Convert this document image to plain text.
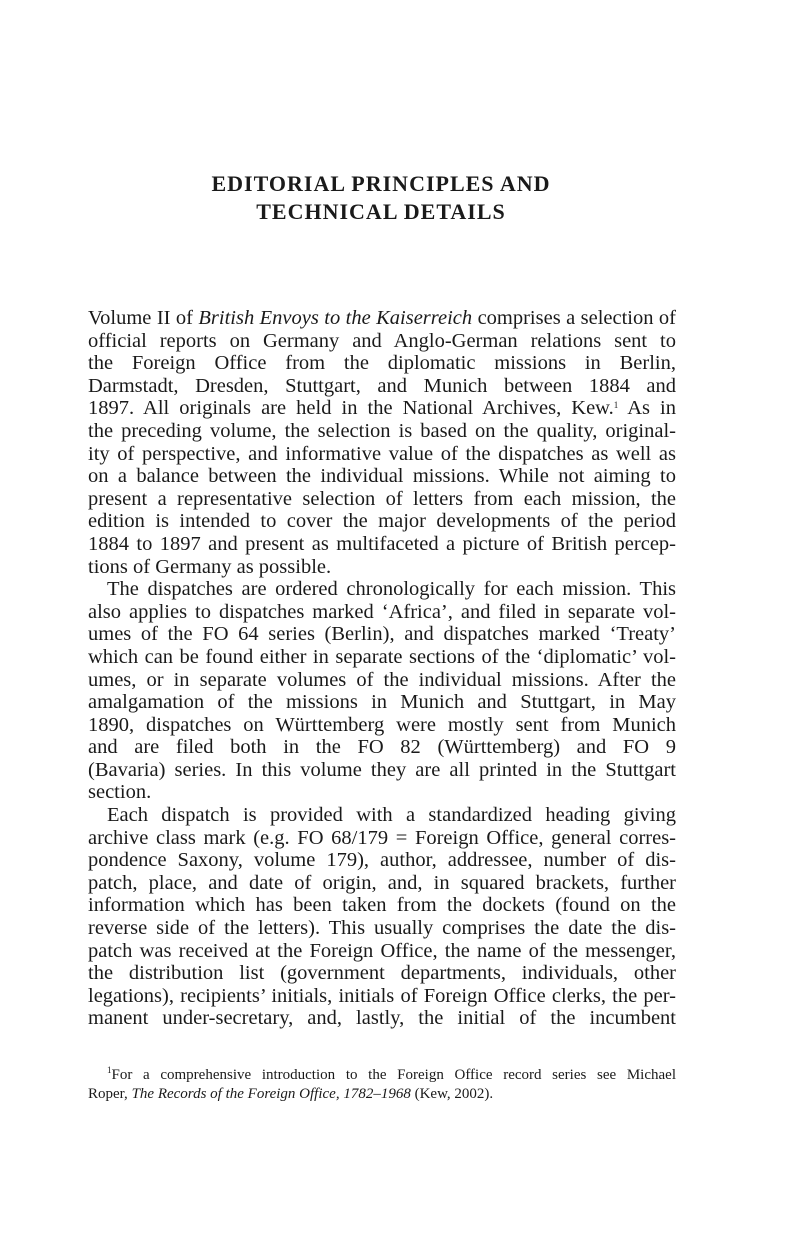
EDITORIAL PRINCIPLES AND
TECHNICAL DETAILS
Volume II of British Envoys to the Kaiserreich comprises a selection of
official reports on Germany and Anglo-German relations sent to
the Foreign Office from the diplomatic missions in Berlin,
Darmstadt, Dresden, Stuttgart, and Munich between 1884 and
1897. All originals are held in the National Archives, Kew.$^1$ As in
the preceding volume, the selection is based on the quality, original-
ity of perspective, and informative value of the dispatches as well as
on a balance between the individual missions. While not aiming to
present a representative selection of letters from each mission, the
edition is intended to cover the major developments of the period
1884 to 1897 and present as multifaceted a picture of British percep-
tions of Germany as possible.
The dispatches are ordered chronologically for each mission. This
also applies to dispatches marked ‘Africa’, and filed in separate vol-
umes of the FO 64 series (Berlin), and dispatches marked ‘Treaty’
which can be found either in separate sections of the ‘diplomatic’ vol-
umes, or in separate volumes of the individual missions. After the
amalgamation of the missions in Munich and Stuttgart, in May
1890, dispatches on Württemberg were mostly sent from Munich
and are filed both in the FO 82 (Württemberg) and FO 9
(Bavaria) series. In this volume they are all printed in the Stuttgart
section.
Each dispatch is provided with a standardized heading giving
archive class mark (e.g. FO 68/179 = Foreign Office, general corres-
pondence Saxony, volume 179), author, addressee, number of dis-
patch, place, and date of origin, and, in squared brackets, further
information which has been taken from the dockets (found on the
reverse side of the letters). This usually comprises the date the dis-
patch was received at the Foreign Office, the name of the messenger,
the distribution list (government departments, individuals, other
legations), recipients’ initials, initials of Foreign Office clerks, the per-
manent under-secretary, and, lastly, the initial of the incumbent
$^1$For a comprehensive introduction to the Foreign Office record series see Michael
Roper, The Records of the Foreign Office, 1782–1968 (Kew, 2002).
